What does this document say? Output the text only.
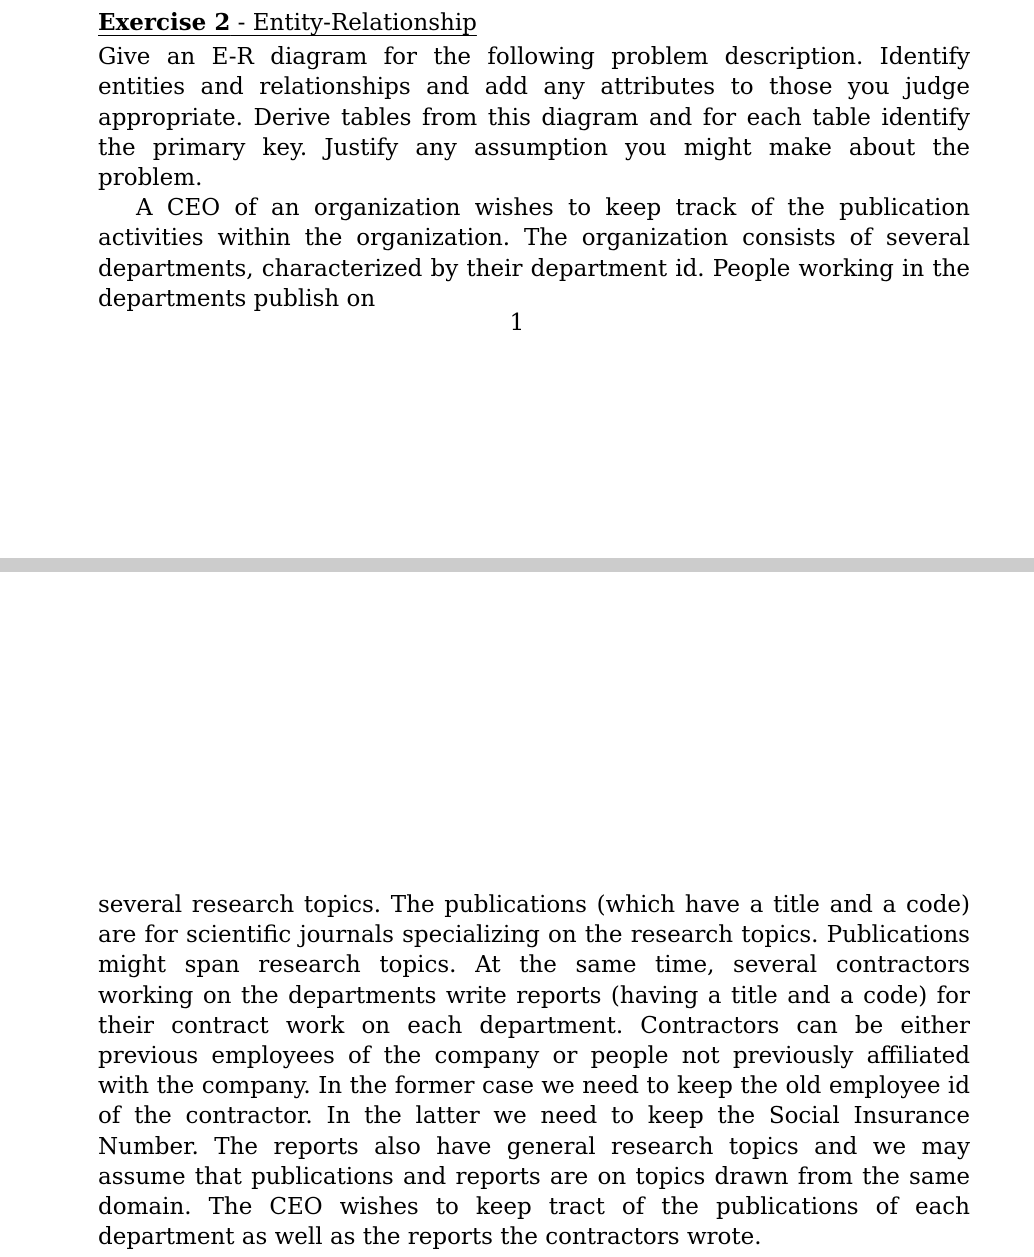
Exercise 2 - Entity-Relationship

Give an E-R diagram for the following problem description. Identify entities and relationships and add any attributes to those you judge appropriate. Derive tables from this diagram and for each table identify the primary key. Justify any assumption you might make about the problem.

A CEO of an organization wishes to keep track of the publication activities within the organization. The organization consists of several departments, characterized by their department id. People working in the departments publish on

1

several research topics. The publications (which have a title and a code) are for scientific journals specializing on the research topics. Publications might span research topics. At the same time, several contractors working on the departments write reports (having a title and a code) for their contract work on each department. Contractors can be either previous employees of the company or people not previously affiliated with the company. In the former case we need to keep the old employee id of the contractor. In the latter we need to keep the Social Insurance Number. The reports also have general research topics and we may assume that publications and reports are on topics drawn from the same domain. The CEO wishes to keep tract of the publications of each department as well as the reports the contractors wrote.
